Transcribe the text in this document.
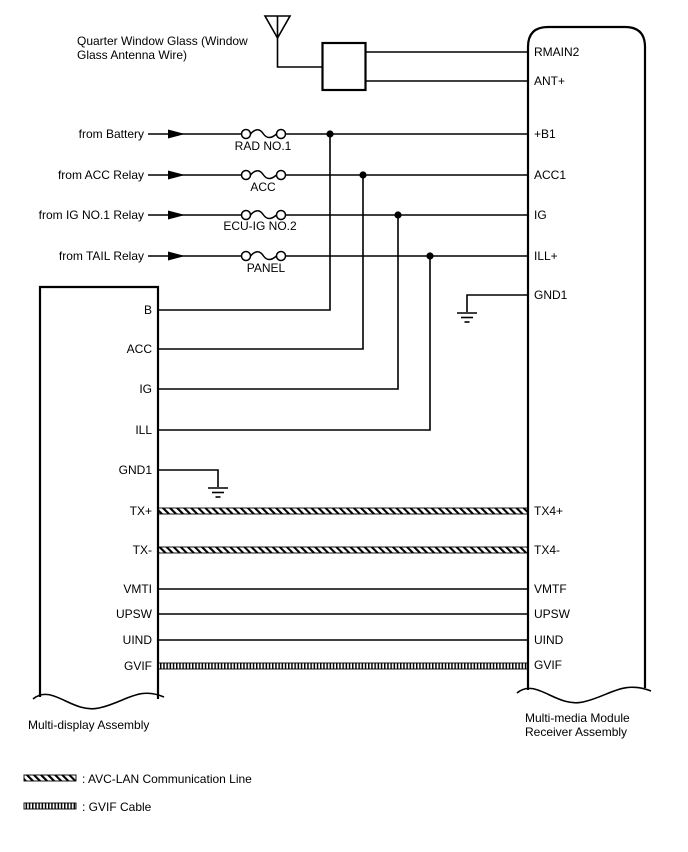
Quarter Window Glass (Window
Glass Antenna Wire)
from Battery
from ACC Relay
from IG NO.1 Relay
from TAIL Relay
RAD NO.1
ACC
ECU-IG NO.2
PANEL
B
ACC
IG
ILL
GND1
TX+
TX-
VMTI
UPSW
UIND
GVIF
RMAIN2
ANT+
+B1
ACC1
IG
ILL+
GND1
TX4+
TX4-
VMTF
UPSW
UIND
GVIF
Multi-display Assembly	Multi-media Module
Receiver Assembly
: AVC-LAN Communication Line
: GVIF Cable
